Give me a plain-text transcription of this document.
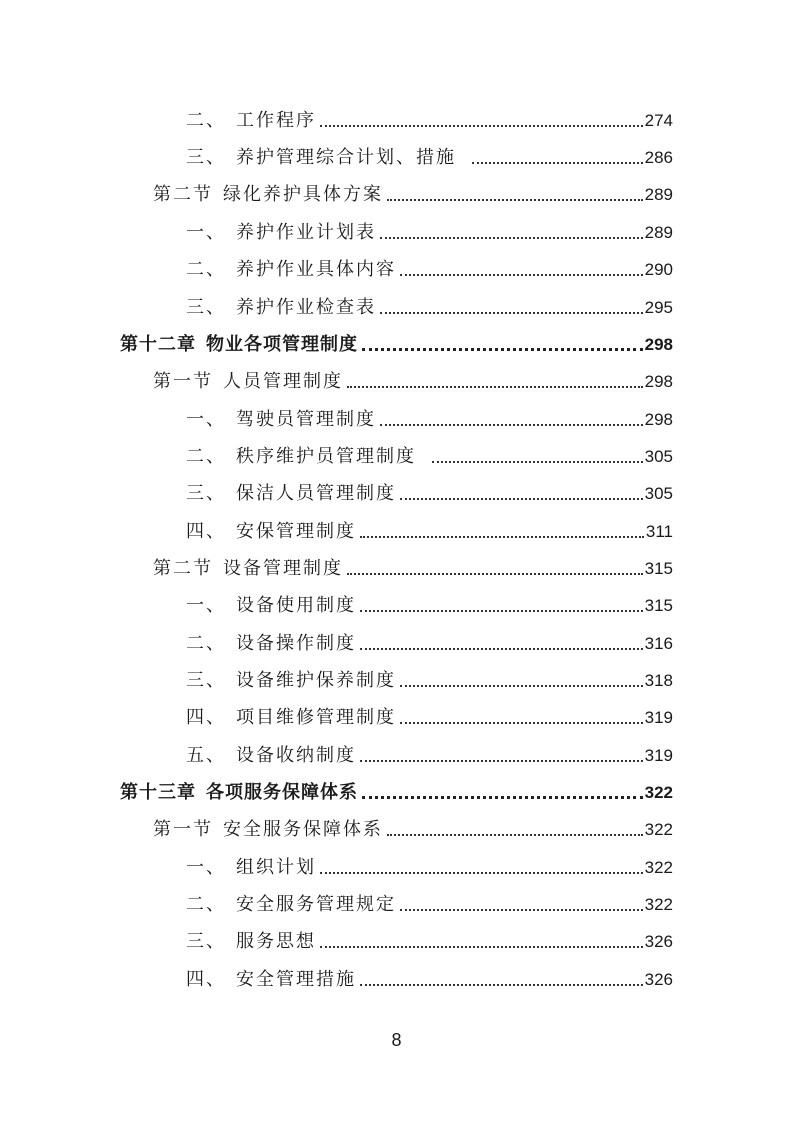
二、 工作程序	274
三、 养护管理综合计划、措施	286
第二节 绿化养护具体方案	289
一、 养护作业计划表	289
二、 养护作业具体内容	290
三、 养护作业检查表	295
第十二章 物业各项管理制度	298
第一节 人员管理制度	298
一、 驾驶员管理制度	298
二、 秩序维护员管理制度	305
三、 保洁人员管理制度	305
四、 安保管理制度	311
第二节 设备管理制度	315
一、 设备使用制度	315
二、 设备操作制度	316
三、 设备维护保养制度	318
四、 项目维修管理制度	319
五、 设备收纳制度	319
第十三章 各项服务保障体系	322
第一节 安全服务保障体系	322
一、 组织计划	322
二、 安全服务管理规定	322
三、 服务思想	326
四、 安全管理措施	326
8
